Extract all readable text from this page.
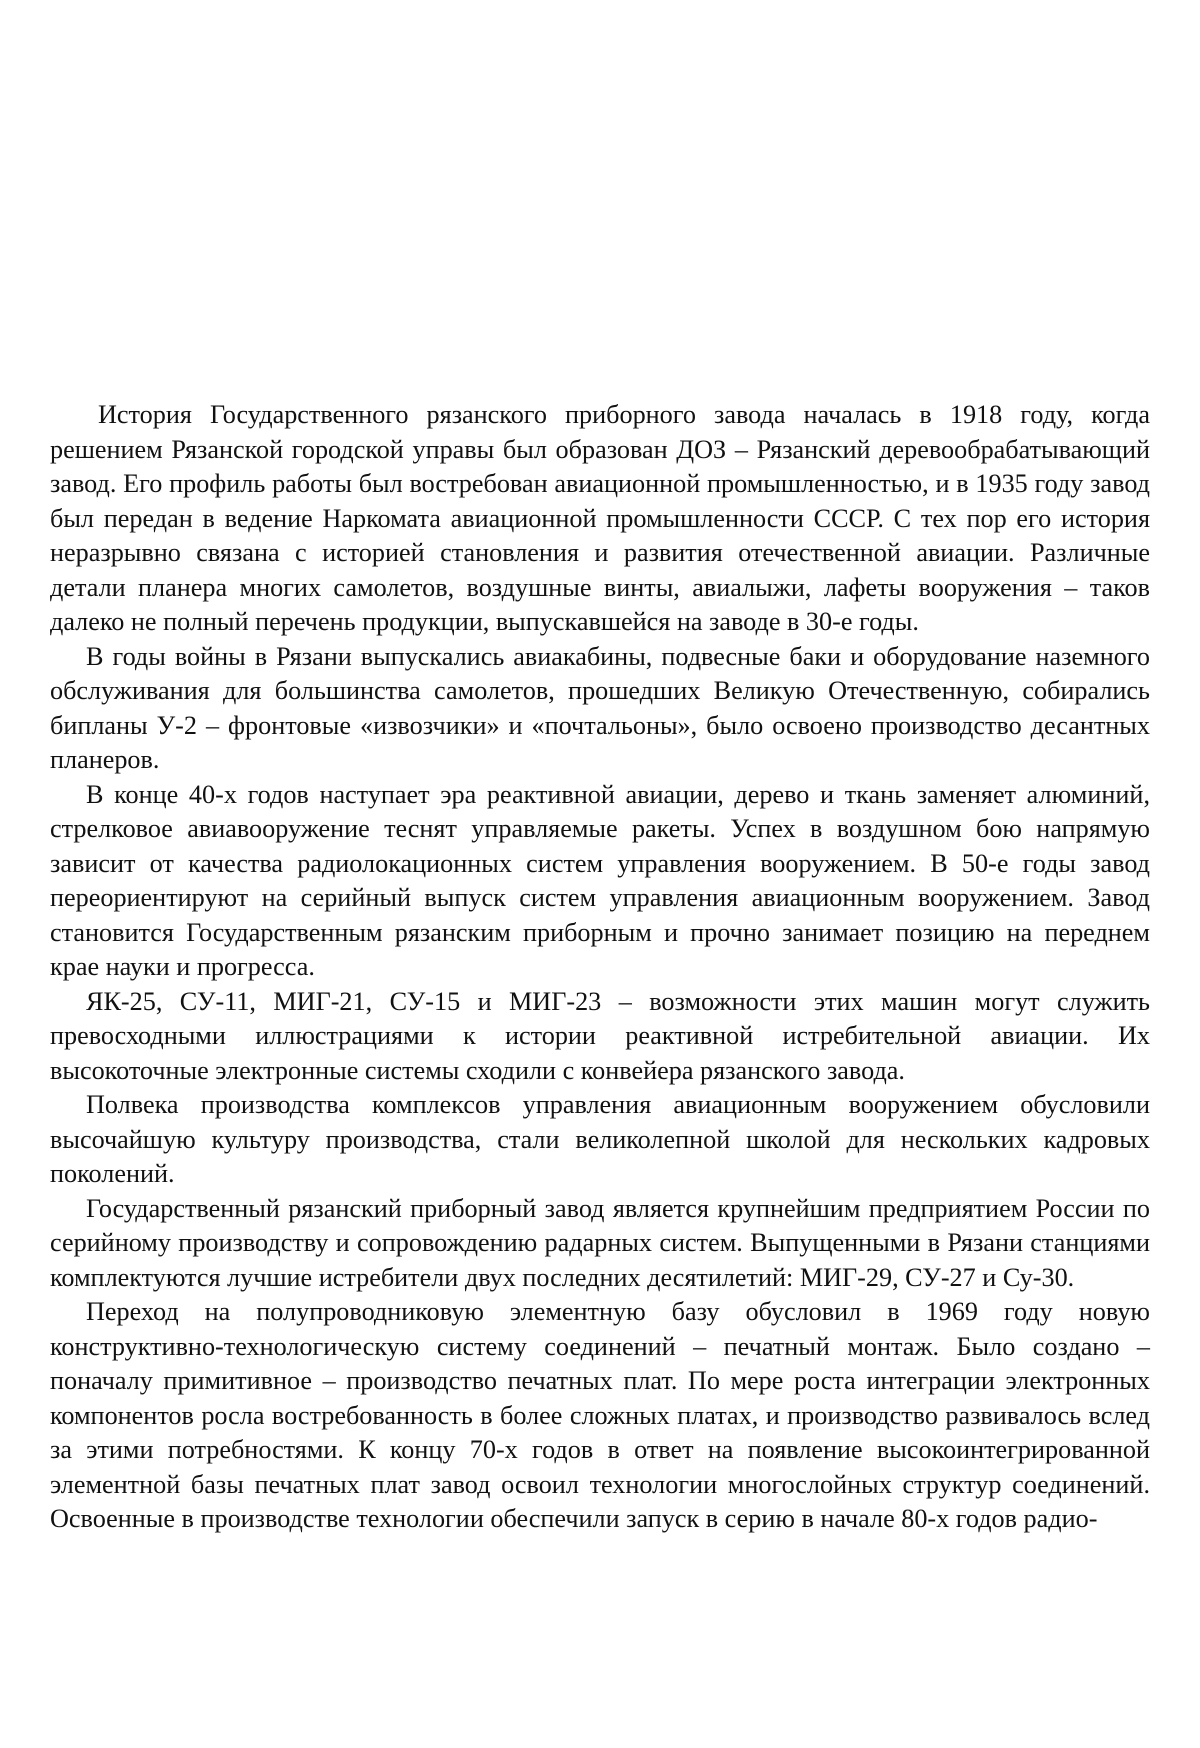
История Государственного рязанского приборного завода началась в 1918 году, когда решением Рязанской городской управы был образован ДОЗ – Рязанский деревообрабатывающий завод. Его профиль работы был востребован авиационной промышленностью, и в 1935 году завод был передан в ведение Наркомата авиационной промышленности СССР. С тех пор его история неразрывно связана с историей становления и развития отечественной авиации. Различные детали планера многих самолетов, воздушные винты, авиалыжи, лафеты вооружения – таков далеко не полный перечень продукции, выпускавшейся на заводе в 30-е годы.

В годы войны в Рязани выпускались авиакабины, подвесные баки и оборудование наземного обслуживания для большинства самолетов, прошедших Великую Отечественную, собирались бипланы У-2 – фронтовые «извозчики» и «почтальоны», было освоено производство десантных планеров.

В конце 40-х годов наступает эра реактивной авиации, дерево и ткань заменяет алюминий, стрелковое авиавооружение теснят управляемые ракеты. Успех в воздушном бою напрямую зависит от качества радиолокационных систем управления вооружением. В 50-е годы завод переориентируют на серийный выпуск систем управления авиационным вооружением. Завод становится Государственным рязанским приборным и прочно занимает позицию на переднем крае науки и прогресса.

ЯК-25, СУ-11, МИГ-21, СУ-15 и МИГ-23 – возможности этих машин могут служить превосходными иллюстрациями к истории реактивной истребительной авиации. Их высокоточные электронные системы сходили с конвейера рязанского завода.

Полвека производства комплексов управления авиационным вооружением обусловили высочайшую культуру производства, стали великолепной школой для нескольких кадровых поколений.

Государственный рязанский приборный завод является крупнейшим предприятием России по серийному производству и сопровождению радарных систем. Выпущенными в Рязани станциями комплектуются лучшие истребители двух последних десятилетий: МИГ-29, СУ-27 и Су-30.

Переход на полупроводниковую элементную базу обусловил в 1969 году новую конструктивно-технологическую систему соединений – печатный монтаж. Было создано – поначалу примитивное – производство печатных плат. По мере роста интеграции электронных компонентов росла востребованность в более сложных платах, и производство развивалось вслед за этими потребностями. К концу 70-х годов в ответ на появление высокоинтегрированной элементной базы печатных плат завод освоил технологии многослойных структур соединений. Освоенные в производстве технологии обеспечили запуск в серию в начале 80-х годов радио-
